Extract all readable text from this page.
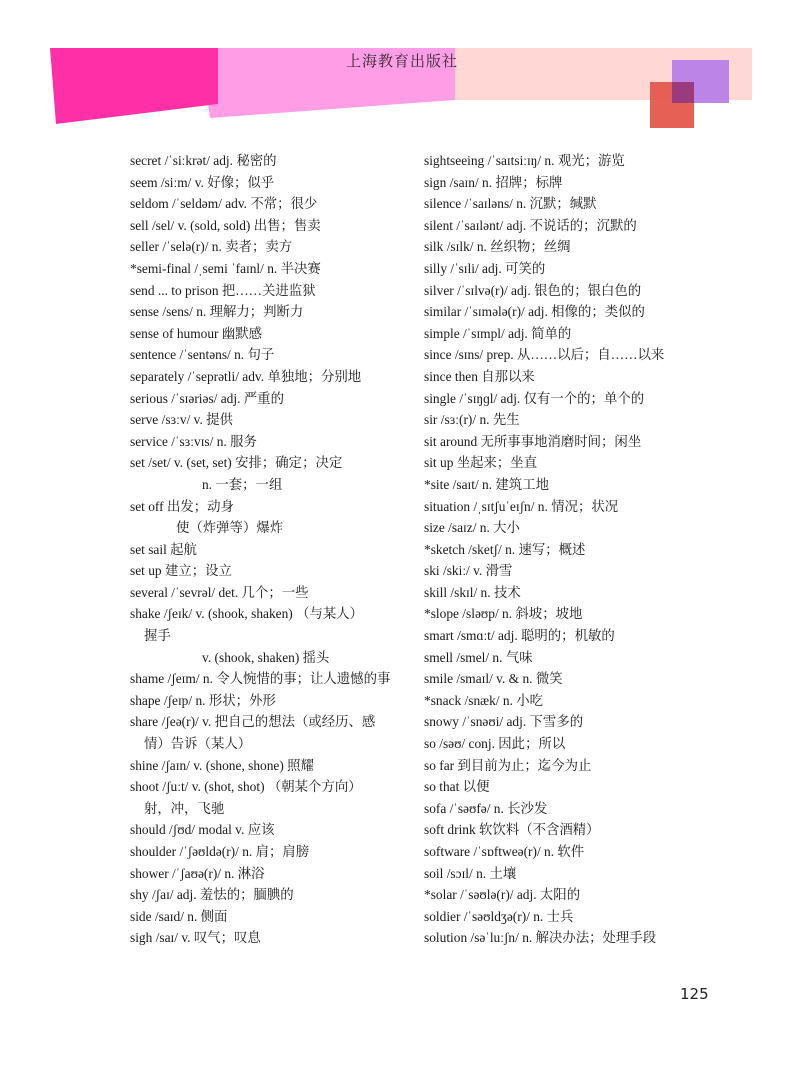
上海教育出版社
secret /ˈsiːkrət/ adj. 秘密的
seem /siːm/ v. 好像；似乎
seldom /ˈseldəm/ adv. 不常；很少
sell /sel/ v. (sold, sold) 出售；售卖
seller /ˈselə(r)/ n. 卖者；卖方
*semi-final /ˌsemi ˈfaɪnl/ n. 半决赛
send ... to prison 把……关进监狱
sense /sens/ n. 理解力；判断力
sense of humour 幽默感
sentence /ˈsentəns/ n. 句子
separately /ˈseprətli/ adv. 单独地；分别地
serious /ˈsɪəriəs/ adj. 严重的
serve /sɜːv/ v. 提供
service /ˈsɜːvɪs/ n. 服务
set /set/ v. (set, set) 安排；确定；决定
n. 一套；一组
set off 出发；动身
使（炸弹等）爆炸
set sail 起航
set up 建立；设立
several /ˈsevrəl/ det. 几个；一些
shake /ʃeɪk/ v. (shook, shaken) （与某人）
握手
v. (shook, shaken) 摇头
shame /ʃeɪm/ n. 令人惋惜的事；让人遗憾的事
shape /ʃeɪp/ n. 形状；外形
share /ʃeə(r)/ v. 把自己的想法（或经历、感
情）告诉（某人）
shine /ʃaɪn/ v. (shone, shone) 照耀
shoot /ʃuːt/ v. (shot, shot) （朝某个方向）
射，冲，飞驰
should /ʃʊd/ modal v. 应该
shoulder /ˈʃəʊldə(r)/ n. 肩；肩膀
shower /ˈʃaʊə(r)/ n. 淋浴
shy /ʃaɪ/ adj. 羞怯的；腼腆的
side /saɪd/ n. 侧面
sigh /saɪ/ v. 叹气；叹息
sightseeing /ˈsaɪtsiːɪŋ/ n. 观光；游览
sign /saɪn/ n. 招牌；标牌
silence /ˈsaɪləns/ n. 沉默；缄默
silent /ˈsaɪlənt/ adj. 不说话的；沉默的
silk /sɪlk/ n. 丝织物；丝绸
silly /ˈsɪli/ adj. 可笑的
silver /ˈsɪlvə(r)/ adj. 银色的；银白色的
similar /ˈsɪmələ(r)/ adj. 相像的；类似的
simple /ˈsɪmpl/ adj. 简单的
since /sɪns/ prep. 从……以后；自……以来
since then 自那以来
single /ˈsɪŋɡl/ adj. 仅有一个的；单个的
sir /sɜː(r)/ n. 先生
sit around 无所事事地消磨时间；闲坐
sit up 坐起来；坐直
*site /saɪt/ n. 建筑工地
situation /ˌsɪtʃuˈeɪʃn/ n. 情况；状况
size /saɪz/ n. 大小
*sketch /sketʃ/ n. 速写；概述
ski /skiː/ v. 滑雪
skill /skɪl/ n. 技术
*slope /sləʊp/ n. 斜坡；坡地
smart /smɑːt/ adj. 聪明的；机敏的
smell /smel/ n. 气味
smile /smaɪl/ v. & n. 微笑
*snack /snæk/ n. 小吃
snowy /ˈsnəʊi/ adj. 下雪多的
so /səʊ/ conj. 因此；所以
so far 到目前为止；迄今为止
so that 以便
sofa /ˈsəʊfə/ n. 长沙发
soft drink 软饮料（不含酒精）
software /ˈsɒftweə(r)/ n. 软件
soil /sɔɪl/ n. 土壤
*solar /ˈsəʊlə(r)/ adj. 太阳的
soldier /ˈsəʊldʒə(r)/ n. 士兵
solution /səˈluːʃn/ n. 解决办法；处理手段
125
